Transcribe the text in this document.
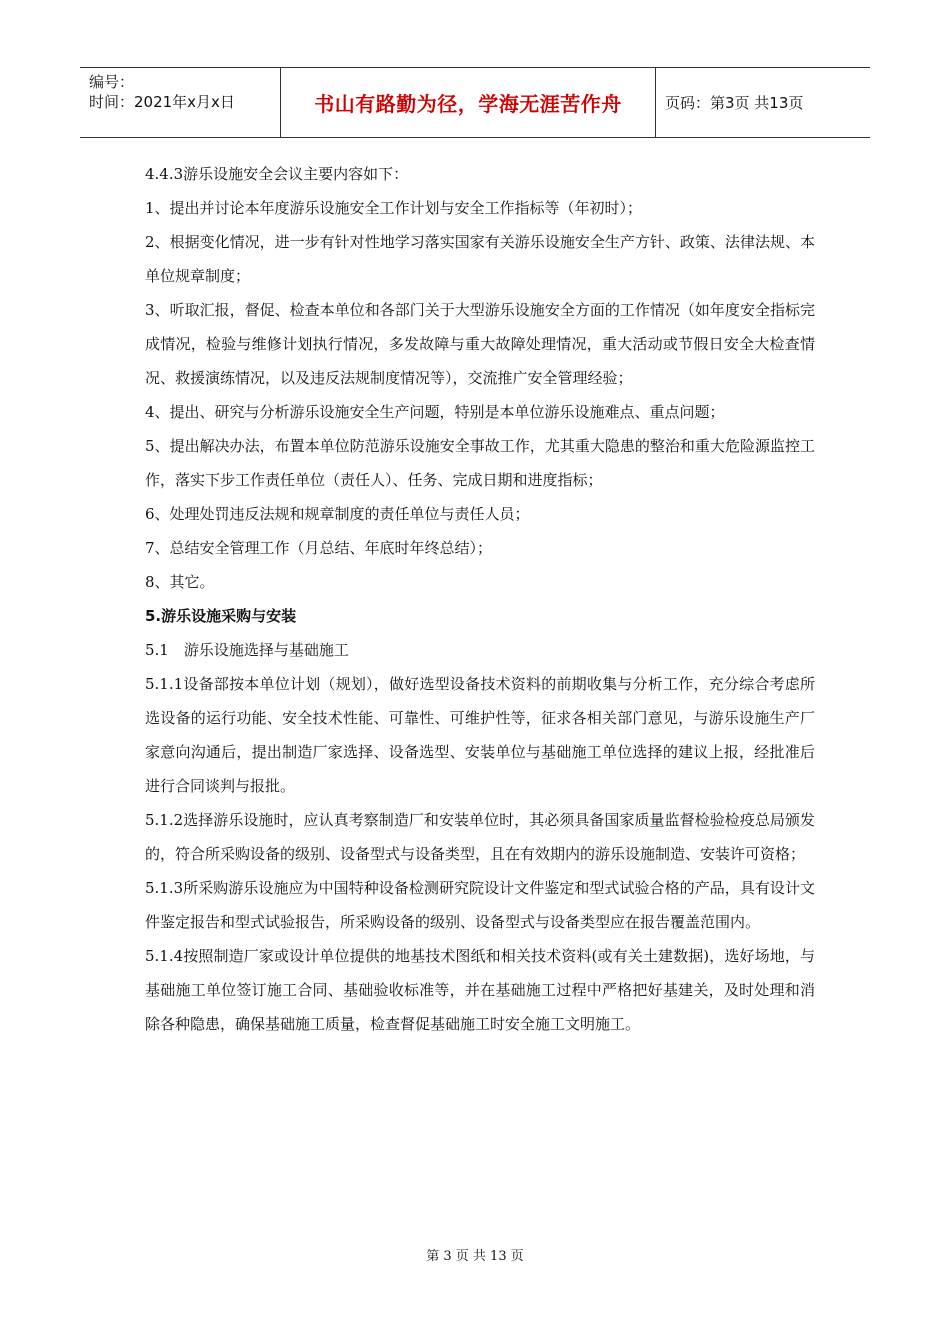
编号：
时间：2021年x月x日	书山有路勤为径，学海无涯苦作舟	页码：第3页 共13页

4.4.3游乐设施安全会议主要内容如下：

1、提出并讨论本年度游乐设施安全工作计划与安全工作指标等（年初时）；

2、根据变化情况，进一步有针对性地学习落实国家有关游乐设施安全生产方针、政策、法律法规、本单位规章制度；

3、听取汇报，督促、检查本单位和各部门关于大型游乐设施安全方面的工作情况（如年度安全指标完成情况，检验与维修计划执行情况，多发故障与重大故障处理情况，重大活动或节假日安全大检查情况、救援演练情况，以及违反法规制度情况等），交流推广安全管理经验；

4、提出、研究与分析游乐设施安全生产问题，特别是本单位游乐设施难点、重点问题；

5、提出解决办法，布置本单位防范游乐设施安全事故工作，尤其重大隐患的整治和重大危险源监控工作，落实下步工作责任单位（责任人）、任务、完成日期和进度指标；

6、处理处罚违反法规和规章制度的责任单位与责任人员；

7、总结安全管理工作（月总结、年底时年终总结）；

8、其它。

5.游乐设施采购与安装

5.1　游乐设施选择与基础施工

5.1.1设备部按本单位计划（规划），做好选型设备技术资料的前期收集与分析工作，充分综合考虑所选设备的运行功能、安全技术性能、可靠性、可维护性等，征求各相关部门意见，与游乐设施生产厂家意向沟通后，提出制造厂家选择、设备选型、安装单位与基础施工单位选择的建议上报，经批准后进行合同谈判与报批。

5.1.2选择游乐设施时，应认真考察制造厂和安装单位时，其必须具备国家质量监督检验检疫总局颁发的，符合所采购设备的级别、设备型式与设备类型，且在有效期内的游乐设施制造、安装许可资格；

5.1.3所采购游乐设施应为中国特种设备检测研究院设计文件鉴定和型式试验合格的产品，具有设计文件鉴定报告和型式试验报告，所采购设备的级别、设备型式与设备类型应在报告覆盖范围内。

5.1.4按照制造厂家或设计单位提供的地基技术图纸和相关技术资料(或有关土建数据)，选好场地，与基础施工单位签订施工合同、基础验收标准等，并在基础施工过程中严格把好基建关，及时处理和消除各种隐患，确保基础施工质量，检查督促基础施工时安全施工文明施工。

第 3 页 共 13 页
